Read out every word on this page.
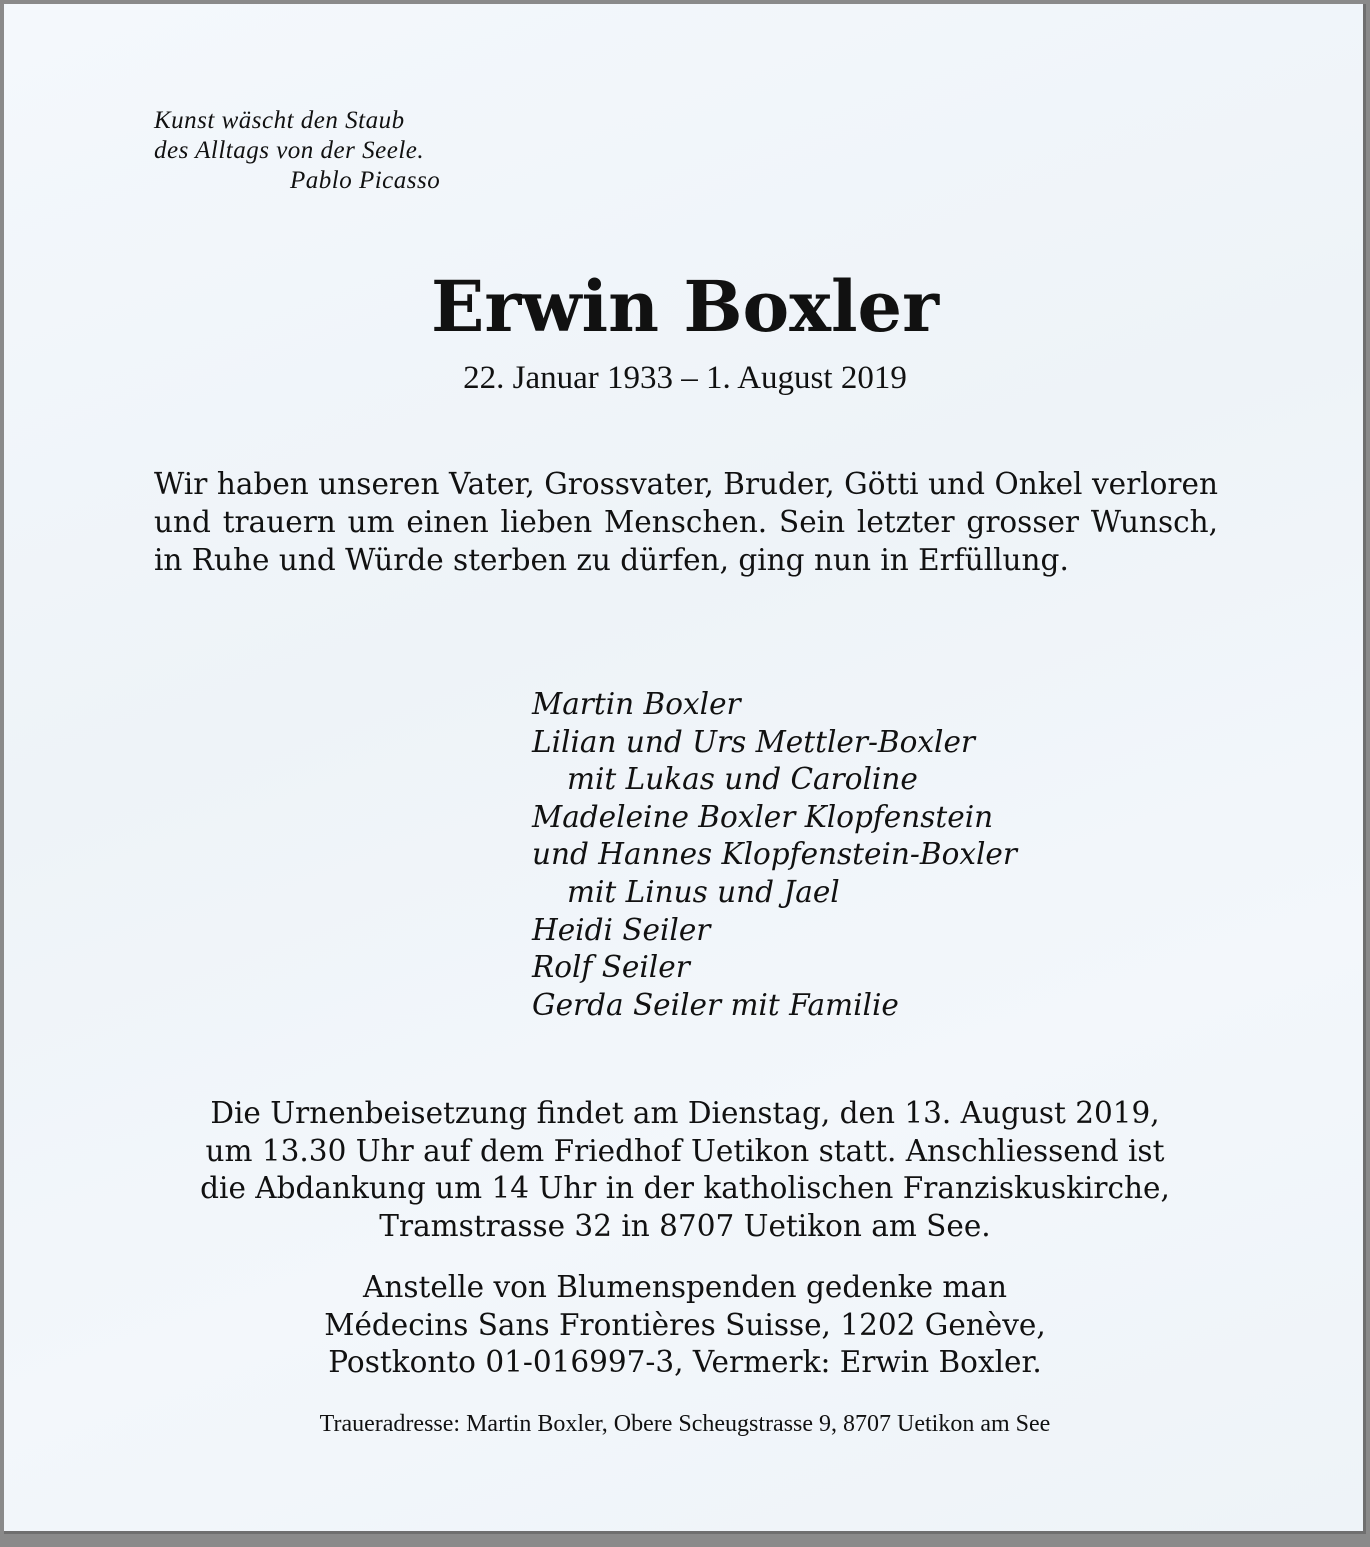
Kunst wäscht den Staub
des Alltags von der Seele.
Pablo Picasso
Erwin Boxler
22. Januar 1933 – 1. August 2019
Wir haben unseren Vater, Grossvater, Bruder, Götti und Onkel verloren und trauern um einen lieben Menschen. Sein letzter grosser Wunsch, in Ruhe und Würde sterben zu dürfen, ging nun in Erfüllung.
Martin Boxler
Lilian und Urs Mettler-Boxler
mit Lukas und Caroline
Madeleine Boxler Klopfenstein
und Hannes Klopfenstein-Boxler
mit Linus und Jael
Heidi Seiler
Rolf Seiler
Gerda Seiler mit Familie
Die Urnenbeisetzung findet am Dienstag, den 13. August 2019,
um 13.30 Uhr auf dem Friedhof Uetikon statt. Anschliessend ist
die Abdankung um 14 Uhr in der katholischen Franziskuskirche,
Tramstrasse 32 in 8707 Uetikon am See.
Anstelle von Blumenspenden gedenke man
Médecins Sans Frontières Suisse, 1202 Genève,
Postkonto 01-016997-3, Vermerk: Erwin Boxler.
Traueradresse: Martin Boxler, Obere Scheugstrasse 9, 8707 Uetikon am See
